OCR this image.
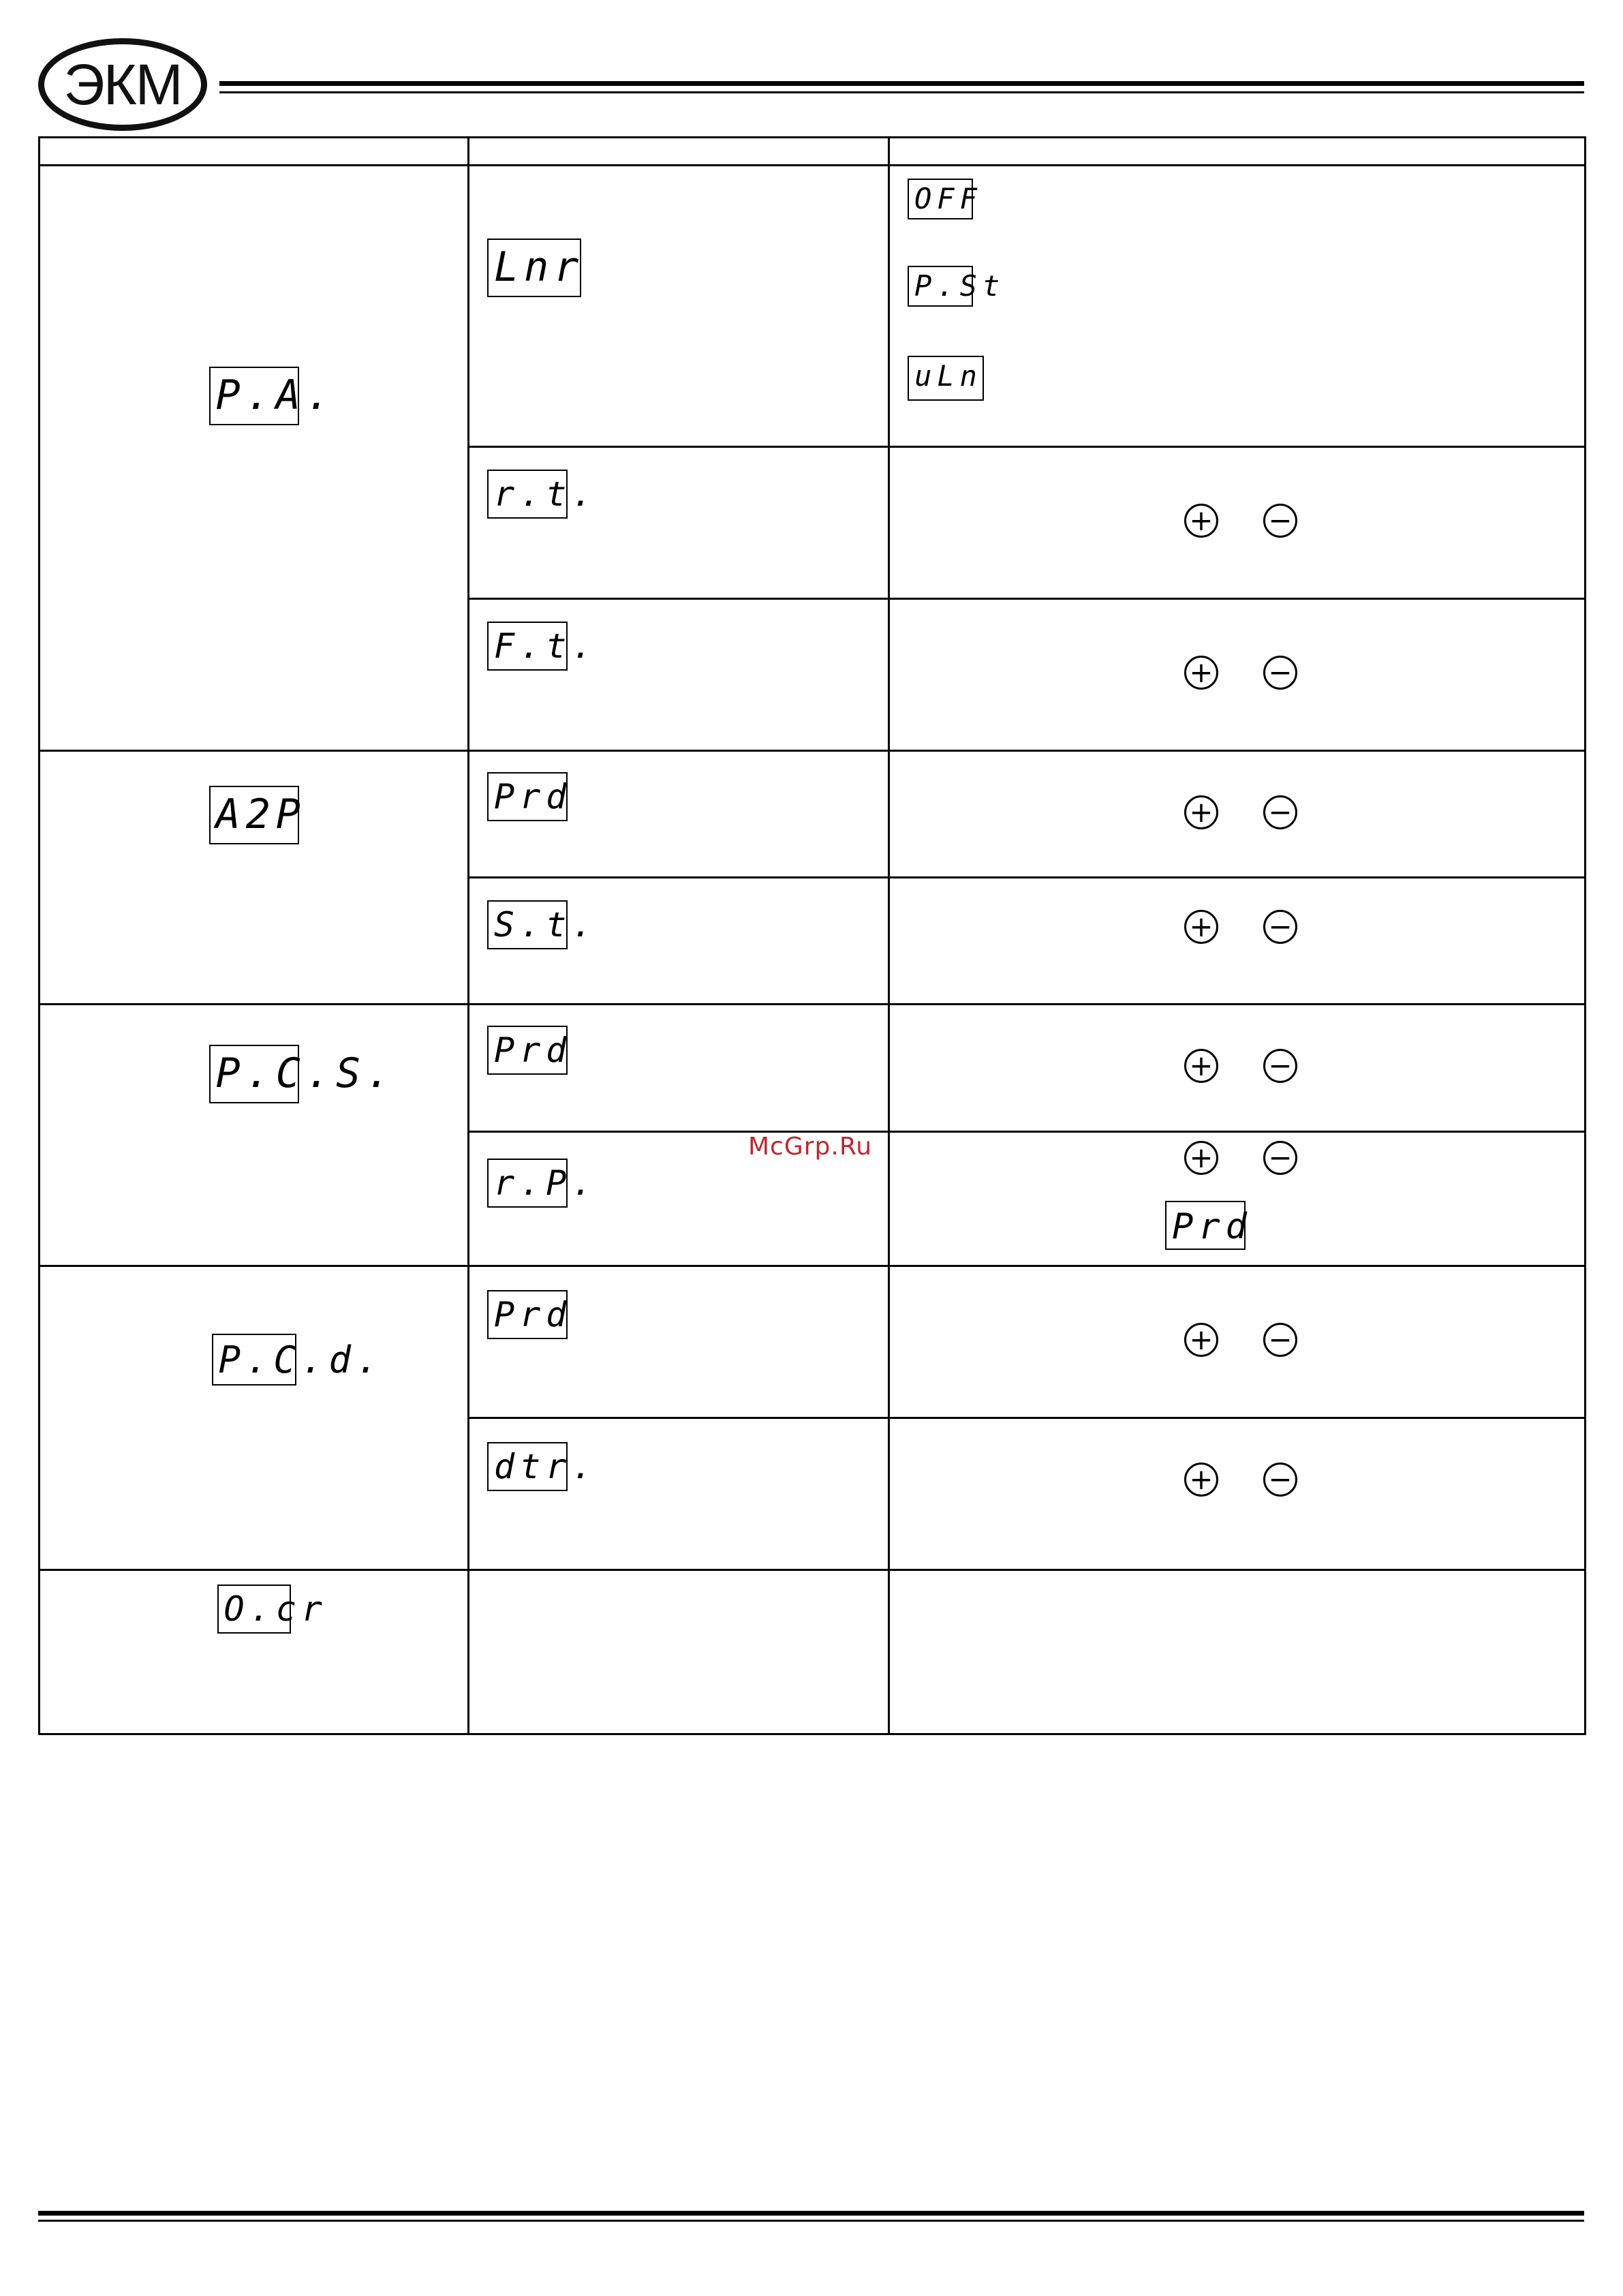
ЭКМ

P.A.	Lnr	OFF
P.St
uLn

	r.t.	+ −

	F.t.	+ −

A2P	Prd	+ −

	S.t.	+ −

P.C.S.	Prd	+ −

	r.P.	+ −
Prd

P.C.d.	Prd	+ −

	dtr.	+ −

O.cr		

McGrp.Ru
